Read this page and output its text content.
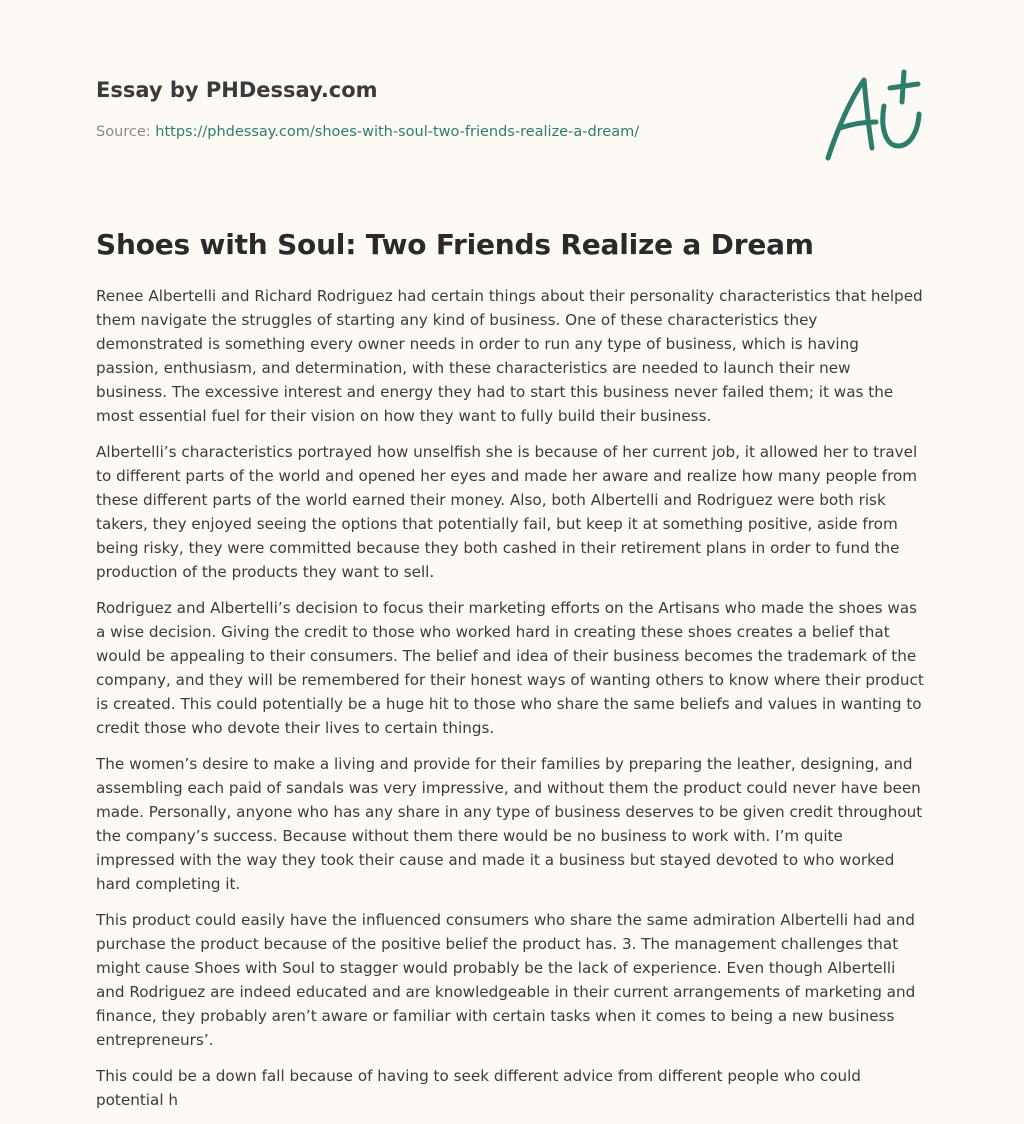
Essay by PHDessay.com
Source: https://phdessay.com/shoes-with-soul-two-friends-realize-a-dream/
Shoes with Soul: Two Friends Realize a Dream

Renee Albertelli and Richard Rodriguez had certain things about their personality characteristics that helped them navigate the struggles of starting any kind of business. One of these characteristics they demonstrated is something every owner needs in order to run any type of business, which is having passion, enthusiasm, and determination, with these characteristics are needed to launch their new business. The excessive interest and energy they had to start this business never failed them; it was the most essential fuel for their vision on how they want to fully build their business.

Albertelli’s characteristics portrayed how unselfish she is because of her current job, it allowed her to travel to different parts of the world and opened her eyes and made her aware and realize how many people from these different parts of the world earned their money. Also, both Albertelli and Rodriguez were both risk takers, they enjoyed seeing the options that potentially fail, but keep it at something positive, aside from being risky, they were committed because they both cashed in their retirement plans in order to fund the production of the products they want to sell.

Rodriguez and Albertelli’s decision to focus their marketing efforts on the Artisans who made the shoes was a wise decision. Giving the credit to those who worked hard in creating these shoes creates a belief that would be appealing to their consumers. The belief and idea of their business becomes the trademark of the company, and they will be remembered for their honest ways of wanting others to know where their product is created. This could potentially be a huge hit to those who share the same beliefs and values in wanting to credit those who devote their lives to certain things.

The women’s desire to make a living and provide for their families by preparing the leather, designing, and assembling each paid of sandals was very impressive, and without them the product could never have been made. Personally, anyone who has any share in any type of business deserves to be given credit throughout the company’s success. Because without them there would be no business to work with. I’m quite impressed with the way they took their cause and made it a business but stayed devoted to who worked hard completing it.

This product could easily have the influenced consumers who share the same admiration Albertelli had and purchase the product because of the positive belief the product has. 3. The management challenges that might cause Shoes with Soul to stagger would probably be the lack of experience. Even though Albertelli and Rodriguez are indeed educated and are knowledgeable in their current arrangements of marketing and finance, they probably aren’t aware or familiar with certain tasks when it comes to being a new business entrepreneurs’.

This could be a down fall because of having to seek different advice from different people who could potential h
